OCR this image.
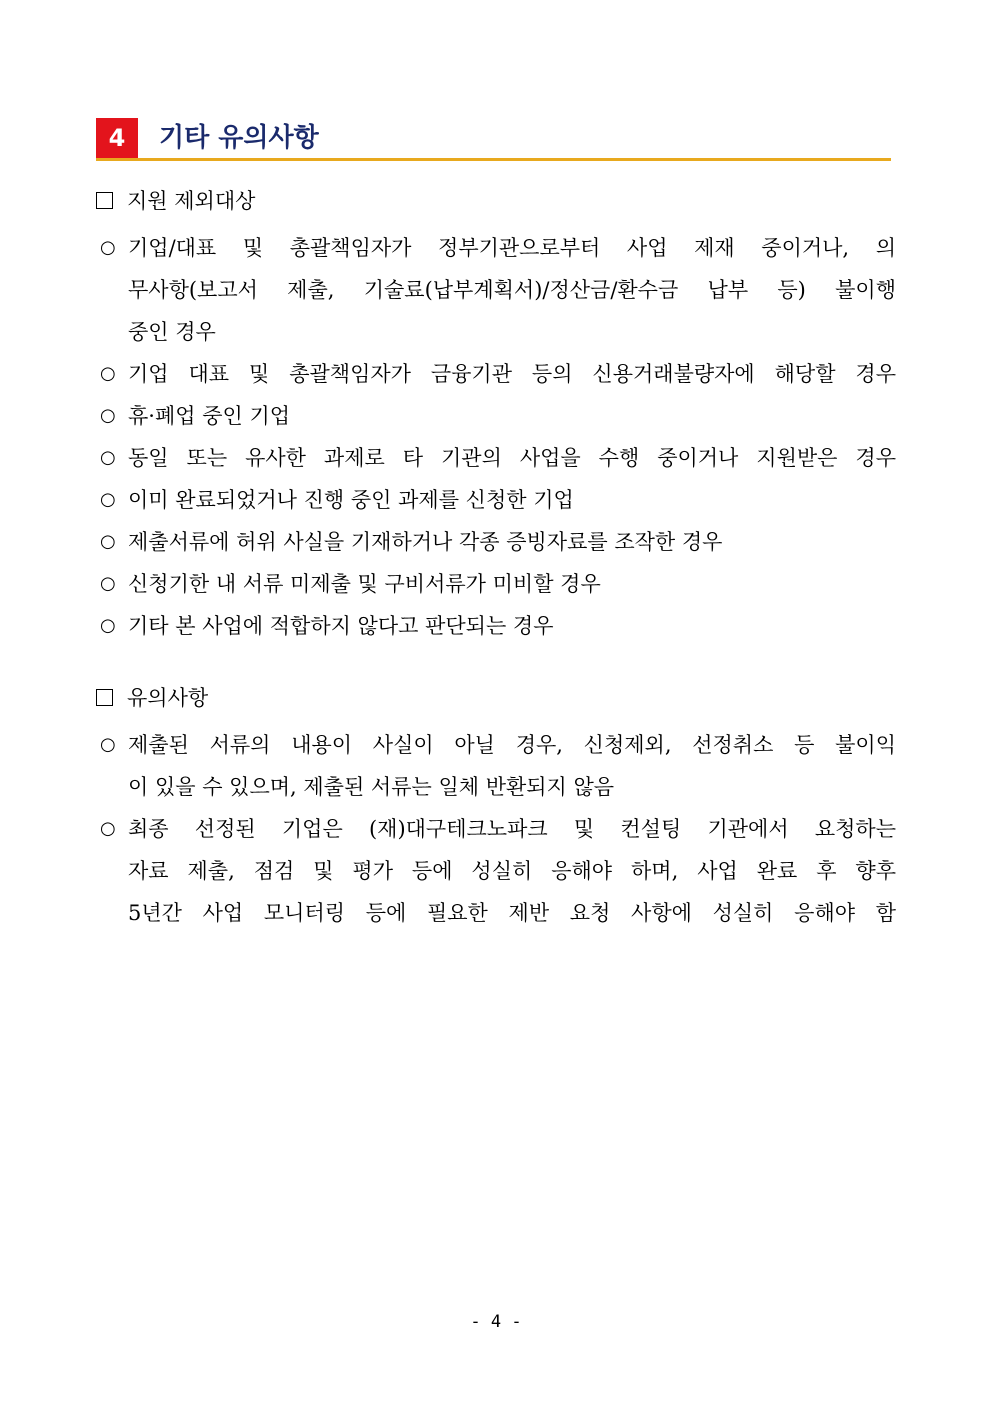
4	기타 유의사항
지원 제외대상
○ 기업/대표 및 총괄책임자가 정부기관으로부터 사업 제재 중이거나, 의
무사항(보고서 제출, 기술료(납부계획서)/정산금/환수금 납부 등) 불이행
중인 경우
○ 기업 대표 및 총괄책임자가 금융기관 등의 신용거래불량자에 해당할 경우
○ 휴·폐업 중인 기업
○ 동일 또는 유사한 과제로 타 기관의 사업을 수행 중이거나 지원받은 경우
○ 이미 완료되었거나 진행 중인 과제를 신청한 기업
○ 제출서류에 허위 사실을 기재하거나 각종 증빙자료를 조작한 경우
○ 신청기한 내 서류 미제출 및 구비서류가 미비할 경우
○ 기타 본 사업에 적합하지 않다고 판단되는 경우
유의사항
○ 제출된 서류의 내용이 사실이 아닐 경우, 신청제외, 선정취소 등 불이익
이 있을 수 있으며, 제출된 서류는 일체 반환되지 않음
○ 최종 선정된 기업은 (재)대구테크노파크 및 컨설팅 기관에서 요청하는
자료 제출, 점검 및 평가 등에 성실히 응해야 하며, 사업 완료 후 향후
5년간 사업 모니터링 등에 필요한 제반 요청 사항에 성실히 응해야 함
- 4 -
